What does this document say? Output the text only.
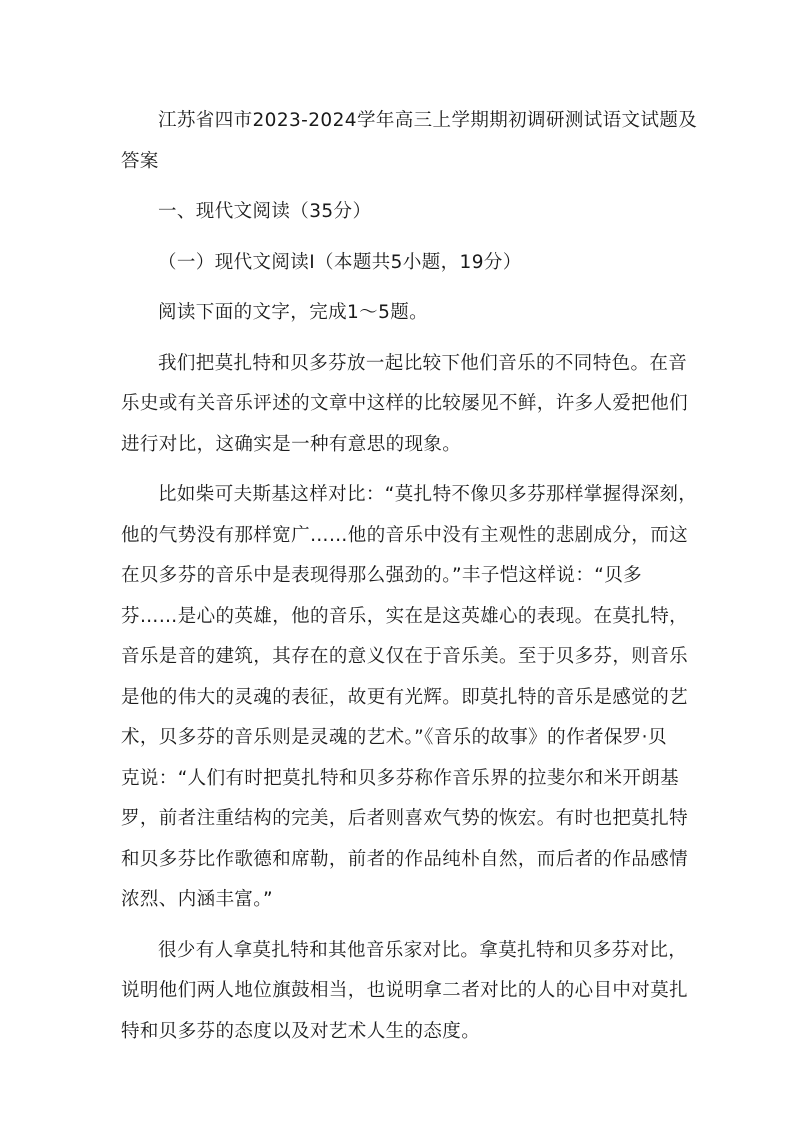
江苏省四市2023-2024学年高三上学期期初调研测试语文试题及
答案
一、现代文阅读（35分）
（一）现代文阅读I（本题共5小题，19分）
阅读下面的文字，完成1～5题。
我们把莫扎特和贝多芬放一起比较下他们音乐的不同特色。在音
乐史或有关音乐评述的文章中这样的比较屡见不鲜，许多人爱把他们
进行对比，这确实是一种有意思的现象。
比如柴可夫斯基这样对比：“莫扎特不像贝多芬那样掌握得深刻，
他的气势没有那样宽广……他的音乐中没有主观性的悲剧成分，而这
在贝多芬的音乐中是表现得那么强劲的。”丰子恺这样说：“贝多
芬……是心的英雄，他的音乐，实在是这英雄心的表现。在莫扎特，
音乐是音的建筑，其存在的意义仅在于音乐美。至于贝多芬，则音乐
是他的伟大的灵魂的表征，故更有光辉。即莫扎特的音乐是感觉的艺
术，贝多芬的音乐则是灵魂的艺术。”《音乐的故事》的作者保罗·贝
克说：“人们有时把莫扎特和贝多芬称作音乐界的拉斐尔和米开朗基
罗，前者注重结构的完美，后者则喜欢气势的恢宏。有时也把莫扎特
和贝多芬比作歌德和席勒，前者的作品纯朴自然，而后者的作品感情
浓烈、内涵丰富。”
很少有人拿莫扎特和其他音乐家对比。拿莫扎特和贝多芬对比，
说明他们两人地位旗鼓相当，也说明拿二者对比的人的心目中对莫扎
特和贝多芬的态度以及对艺术人生的态度。
